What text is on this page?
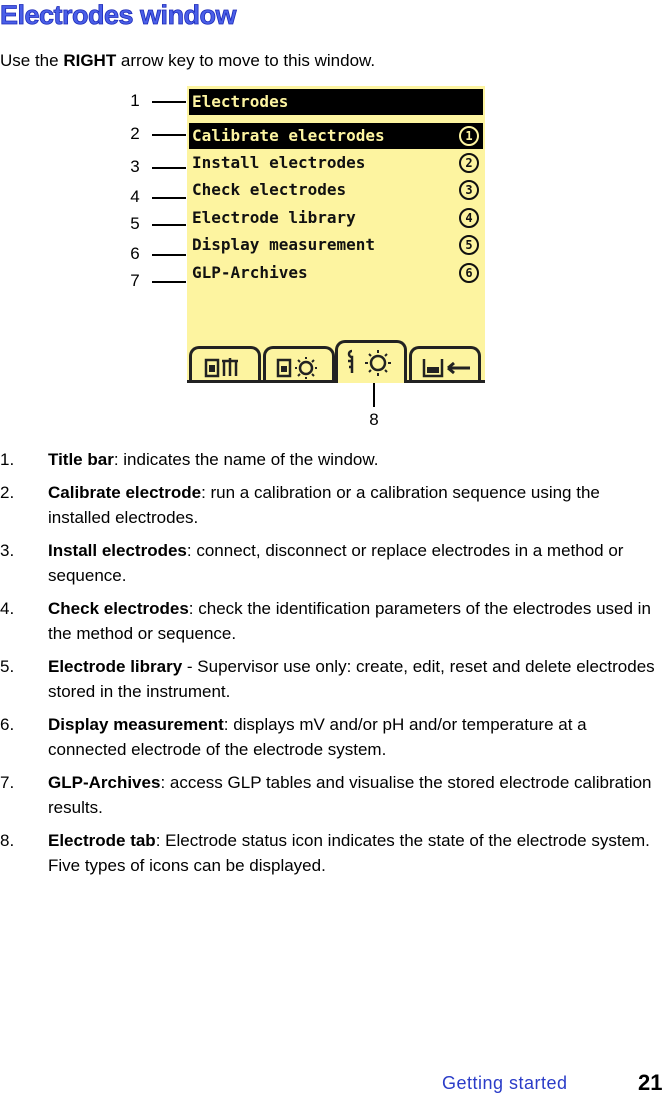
Electrodes window
Use the RIGHT arrow key to move to this window.
Electrodes
Calibrate electrodes	1
Install electrodes	2
Check electrodes	3
Electrode library	4
Display measurement	5
GLP-Archives	6
1
2
3
4
5
6
7
8
1. Title bar: indicates the name of the window.
2. Calibrate electrode: run a calibration or a calibration sequence using the installed electrodes.
3. Install electrodes: connect, disconnect or replace electrodes in a method or sequence.
4. Check electrodes: check the identification parameters of the electrodes used in the method or sequence.
5. Electrode library - Supervisor use only: create, edit, reset and delete electrodes stored in the instrument.
6. Display measurement: displays mV and/or pH and/or temperature at a connected electrode of the electrode system.
7. GLP-Archives: access GLP tables and visualise the stored electrode calibration results.
8. Electrode tab: Electrode status icon indicates the state of the electrode system. Five types of icons can be displayed.
Getting started	21
